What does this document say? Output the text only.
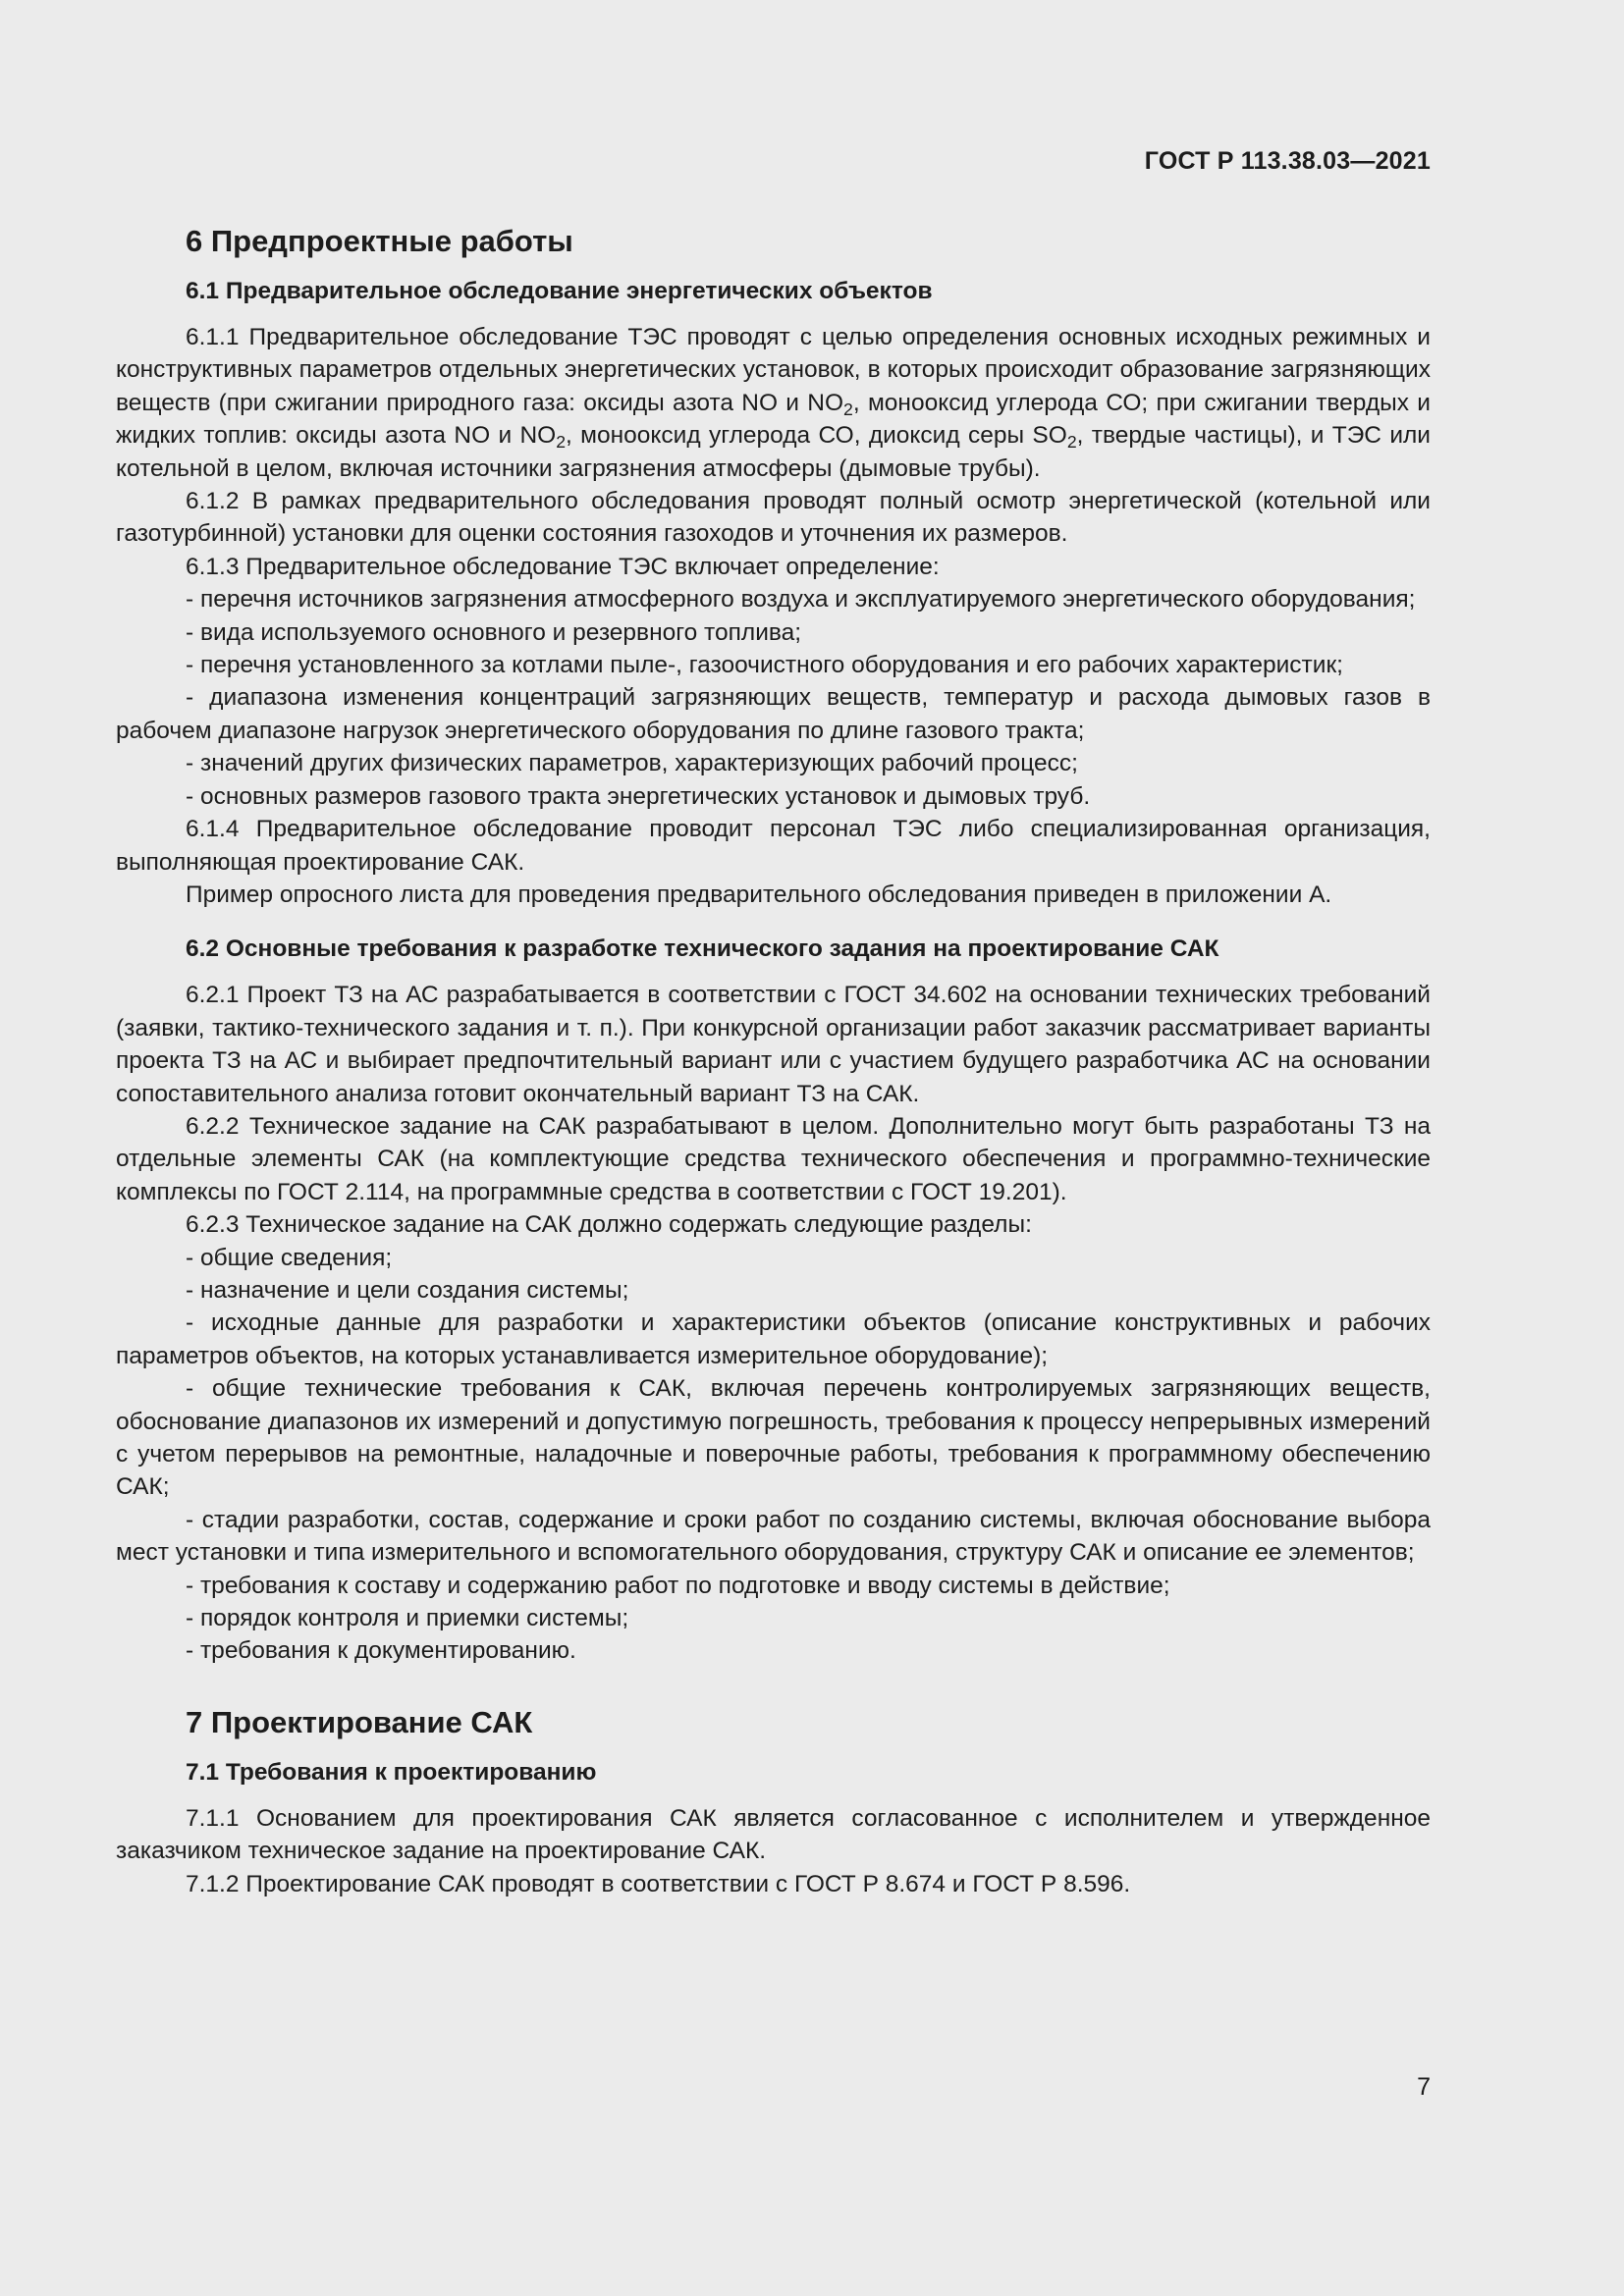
ГОСТ Р 113.38.03—2021
6 Предпроектные работы
6.1 Предварительное обследование энергетических объектов

6.1.1 Предварительное обследование ТЭС проводят с целью определения основных исходных режимных и конструктивных параметров отдельных энергетических установок, в которых происходит образование загрязняющих веществ (при сжигании природного газа: оксиды азота NO и $NO_2$, монооксид углерода СО; при сжигании твердых и жидких топлив: оксиды азота NO и $NO_2$, монооксид углерода СО, диоксид серы $SO_2$, твердые частицы), и ТЭС или котельной в целом, включая источники загрязнения атмосферы (дымовые трубы).

6.1.2 В рамках предварительного обследования проводят полный осмотр энергетической (котельной или газотурбинной) установки для оценки состояния газоходов и уточнения их размеров.

6.1.3 Предварительное обследование ТЭС включает определение:

- перечня источников загрязнения атмосферного воздуха и эксплуатируемого энергетического оборудования;

- вида используемого основного и резервного топлива;

- перечня установленного за котлами пыле-, газоочистного оборудования и его рабочих характеристик;

- диапазона изменения концентраций загрязняющих веществ, температур и расхода дымовых газов в рабочем диапазоне нагрузок энергетического оборудования по длине газового тракта;

- значений других физических параметров, характеризующих рабочий процесс;

- основных размеров газового тракта энергетических установок и дымовых труб.

6.1.4 Предварительное обследование проводит персонал ТЭС либо специализированная организация, выполняющая проектирование САК.

Пример опросного листа для проведения предварительного обследования приведен в приложении А.

6.2 Основные требования к разработке технического задания на проектирование САК

6.2.1 Проект ТЗ на АС разрабатывается в соответствии с ГОСТ 34.602 на основании технических требований (заявки, тактико-технического задания и т. п.). При конкурсной организации работ заказчик рассматривает варианты проекта ТЗ на АС и выбирает предпочтительный вариант или с участием будущего разработчика АС на основании сопоставительного анализа готовит окончательный вариант ТЗ на САК.

6.2.2 Техническое задание на САК разрабатывают в целом. Дополнительно могут быть разработаны ТЗ на отдельные элементы САК (на комплектующие средства технического обеспечения и программно-технические комплексы по ГОСТ 2.114, на программные средства в соответствии с ГОСТ 19.201).

6.2.3 Техническое задание на САК должно содержать следующие разделы:

- общие сведения;

- назначение и цели создания системы;

- исходные данные для разработки и характеристики объектов (описание конструктивных и рабочих параметров объектов, на которых устанавливается измерительное оборудование);

- общие технические требования к САК, включая перечень контролируемых загрязняющих веществ, обоснование диапазонов их измерений и допустимую погрешность, требования к процессу непрерывных измерений с учетом перерывов на ремонтные, наладочные и поверочные работы, требования к программному обеспечению САК;

- стадии разработки, состав, содержание и сроки работ по созданию системы, включая обоснование выбора мест установки и типа измерительного и вспомогательного оборудования, структуру САК и описание ее элементов;

- требования к составу и содержанию работ по подготовке и вводу системы в действие;

- порядок контроля и приемки системы;

- требования к документированию.

7 Проектирование САК
7.1 Требования к проектированию

7.1.1 Основанием для проектирования САК является согласованное с исполнителем и утвержденное заказчиком техническое задание на проектирование САК.

7.1.2 Проектирование САК проводят в соответствии с ГОСТ Р 8.674 и ГОСТ Р 8.596.

7
